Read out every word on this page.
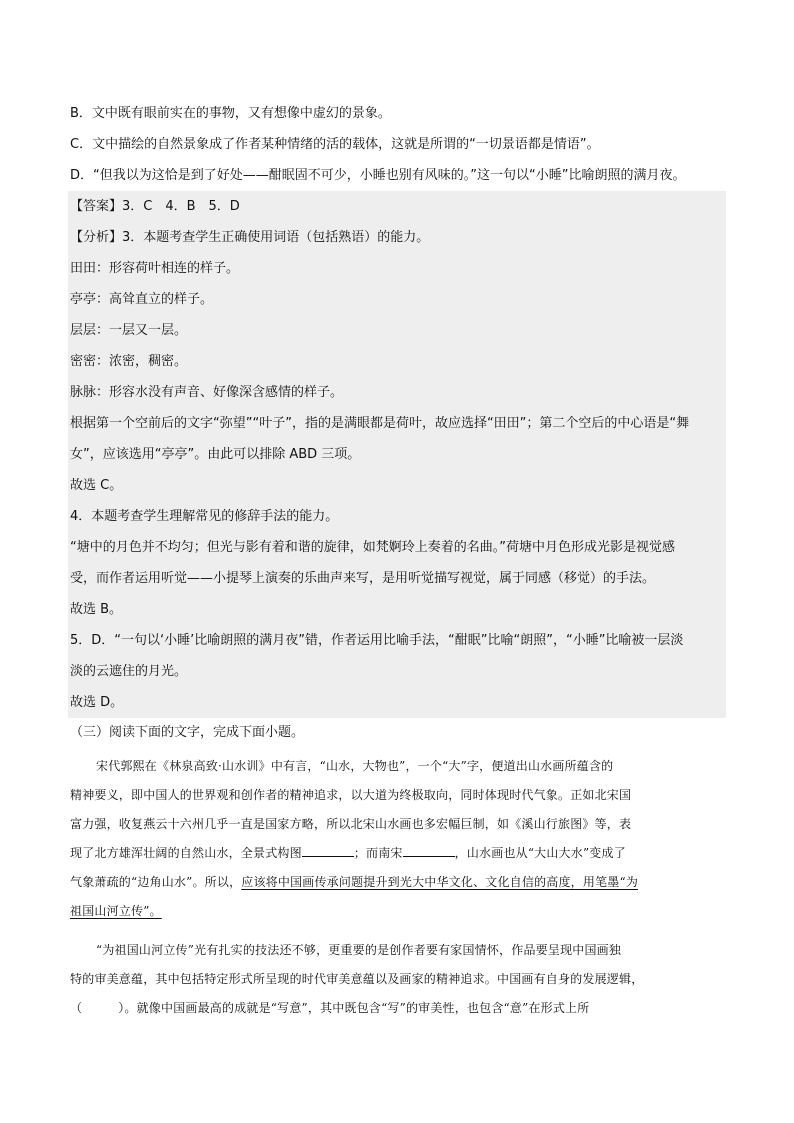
B．文中既有眼前实在的事物，又有想像中虚幻的景象。
C．文中描绘的自然景象成了作者某种情绪的活的载体，这就是所谓的“一切景语都是情语”。
D．“但我以为这恰是到了好处——酣眠固不可少，小睡也别有风味的。”这一句以“小睡”比喻朗照的满月夜。
【答案】3．C　4．B　5．D
【分析】3．本题考查学生正确使用词语（包括熟语）的能力。
田田：形容荷叶相连的样子。
亭亭：高耸直立的样子。
层层：一层又一层。
密密：浓密，稠密。
脉脉：形容水没有声音、好像深含感情的样子。
根据第一个空前后的文字“弥望”“叶子”，指的是满眼都是荷叶，故应选择“田田”；第二个空后的中心语是“舞
女”，应该选用“亭亭”。由此可以排除 ABD 三项。
故选 C。
4．本题考查学生理解常见的修辞手法的能力。
“塘中的月色并不均匀；但光与影有着和谐的旋律，如梵婀玲上奏着的名曲。”荷塘中月色形成光影是视觉感
受，而作者运用听觉——小提琴上演奏的乐曲声来写，是用听觉描写视觉，属于同感（移觉）的手法。
故选 B。
5．D．“一句以‘小睡’比喻朗照的满月夜”错，作者运用比喻手法，“酣眠”比喻“朗照”，“小睡”比喻被一层淡
淡的云遮住的月光。
故选 D。
（三）阅读下面的文字，完成下面小题。
宋代郭熙在《林泉高致·山水训》中有言，“山水，大物也”，一个“大”字，便道出山水画所蕴含的
精神要义，即中国人的世界观和创作者的精神追求，以大道为终极取向，同时体现时代气象。正如北宋国
富力强，收复燕云十六州几乎一直是国家方略，所以北宋山水画也多宏幅巨制，如《溪山行旅图》等，表
现了北方雄浑壮阔的自然山水，全景式构图	；而南宋	，山水画也从“大山大水”变成了
气象萧疏的“边角山水”。所以，应该将中国画传承问题提升到光大中华文化、文化自信的高度，用笔墨“为
祖国山河立传”。
“为祖国山河立传”光有扎实的技法还不够，更重要的是创作者要有家国情怀，作品要呈现中国画独
特的审美意蕴，其中包括特定形式所呈现的时代审美意蕴以及画家的精神追求。中国画有自身的发展逻辑，
（	）。就像中国画最高的成就是“写意”，其中既包含“写”的审美性，也包含“意”在形式上所
